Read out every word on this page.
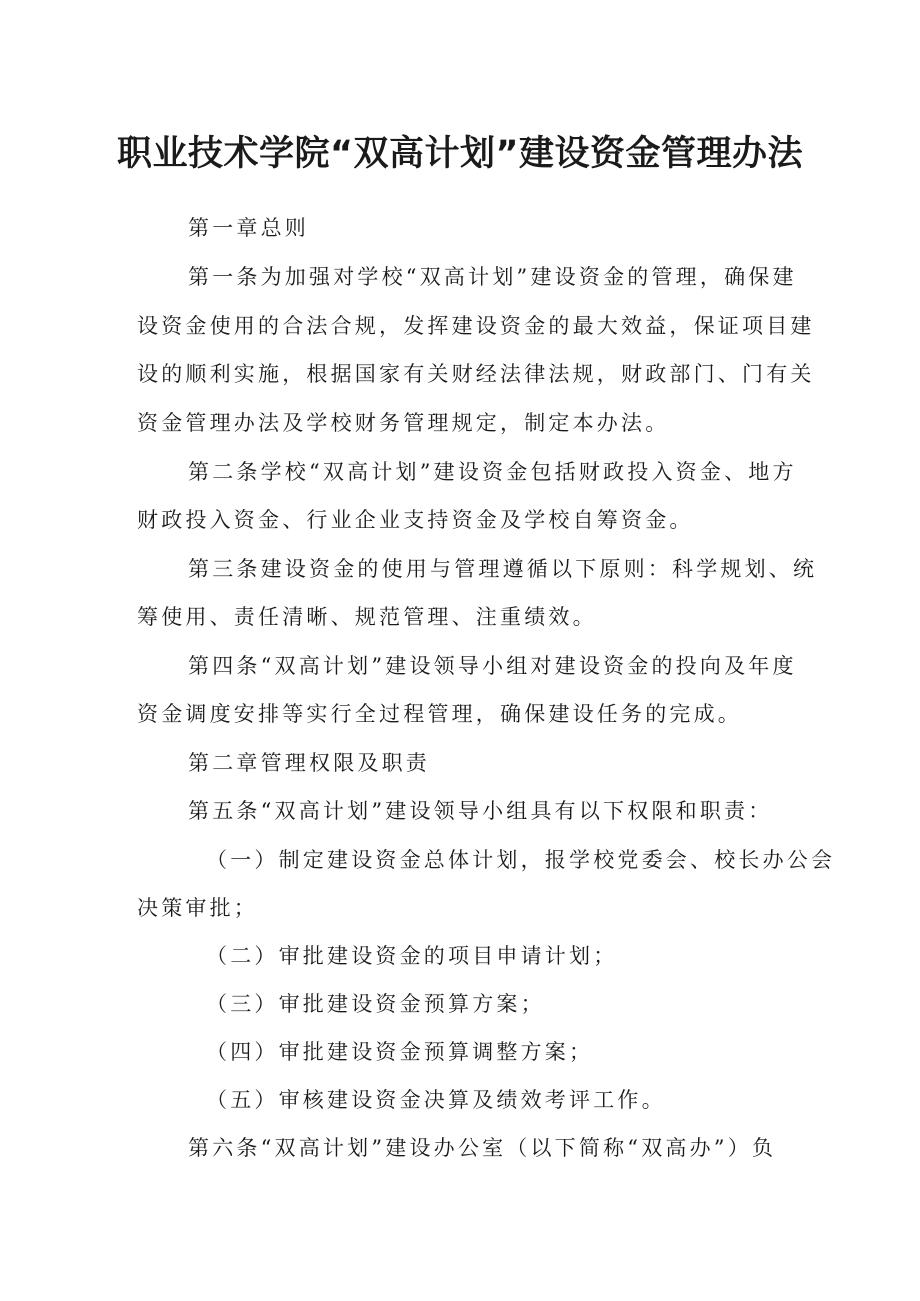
职业技术学院“双高计划”建设资金管理办法
第一章总则
第一条为加强对学校“双高计划”建设资金的管理，确保建
设资金使用的合法合规，发挥建设资金的最大效益，保证项目建
设的顺利实施，根据国家有关财经法律法规，财政部门、门有关
资金管理办法及学校财务管理规定，制定本办法。
第二条学校“双高计划”建设资金包括财政投入资金、地方
财政投入资金、行业企业支持资金及学校自筹资金。
第三条建设资金的使用与管理遵循以下原则：科学规划、统
筹使用、责任清晰、规范管理、注重绩效。
第四条“双高计划”建设领导小组对建设资金的投向及年度
资金调度安排等实行全过程管理，确保建设任务的完成。
第二章管理权限及职责
第五条“双高计划”建设领导小组具有以下权限和职责：
（一）制定建设资金总体计划，报学校党委会、校长办公会
决策审批；
（二）审批建设资金的项目申请计划；
（三）审批建设资金预算方案；
（四）审批建设资金预算调整方案；
（五）审核建设资金决算及绩效考评工作。
第六条“双高计划”建设办公室（以下简称“双高办”）负
